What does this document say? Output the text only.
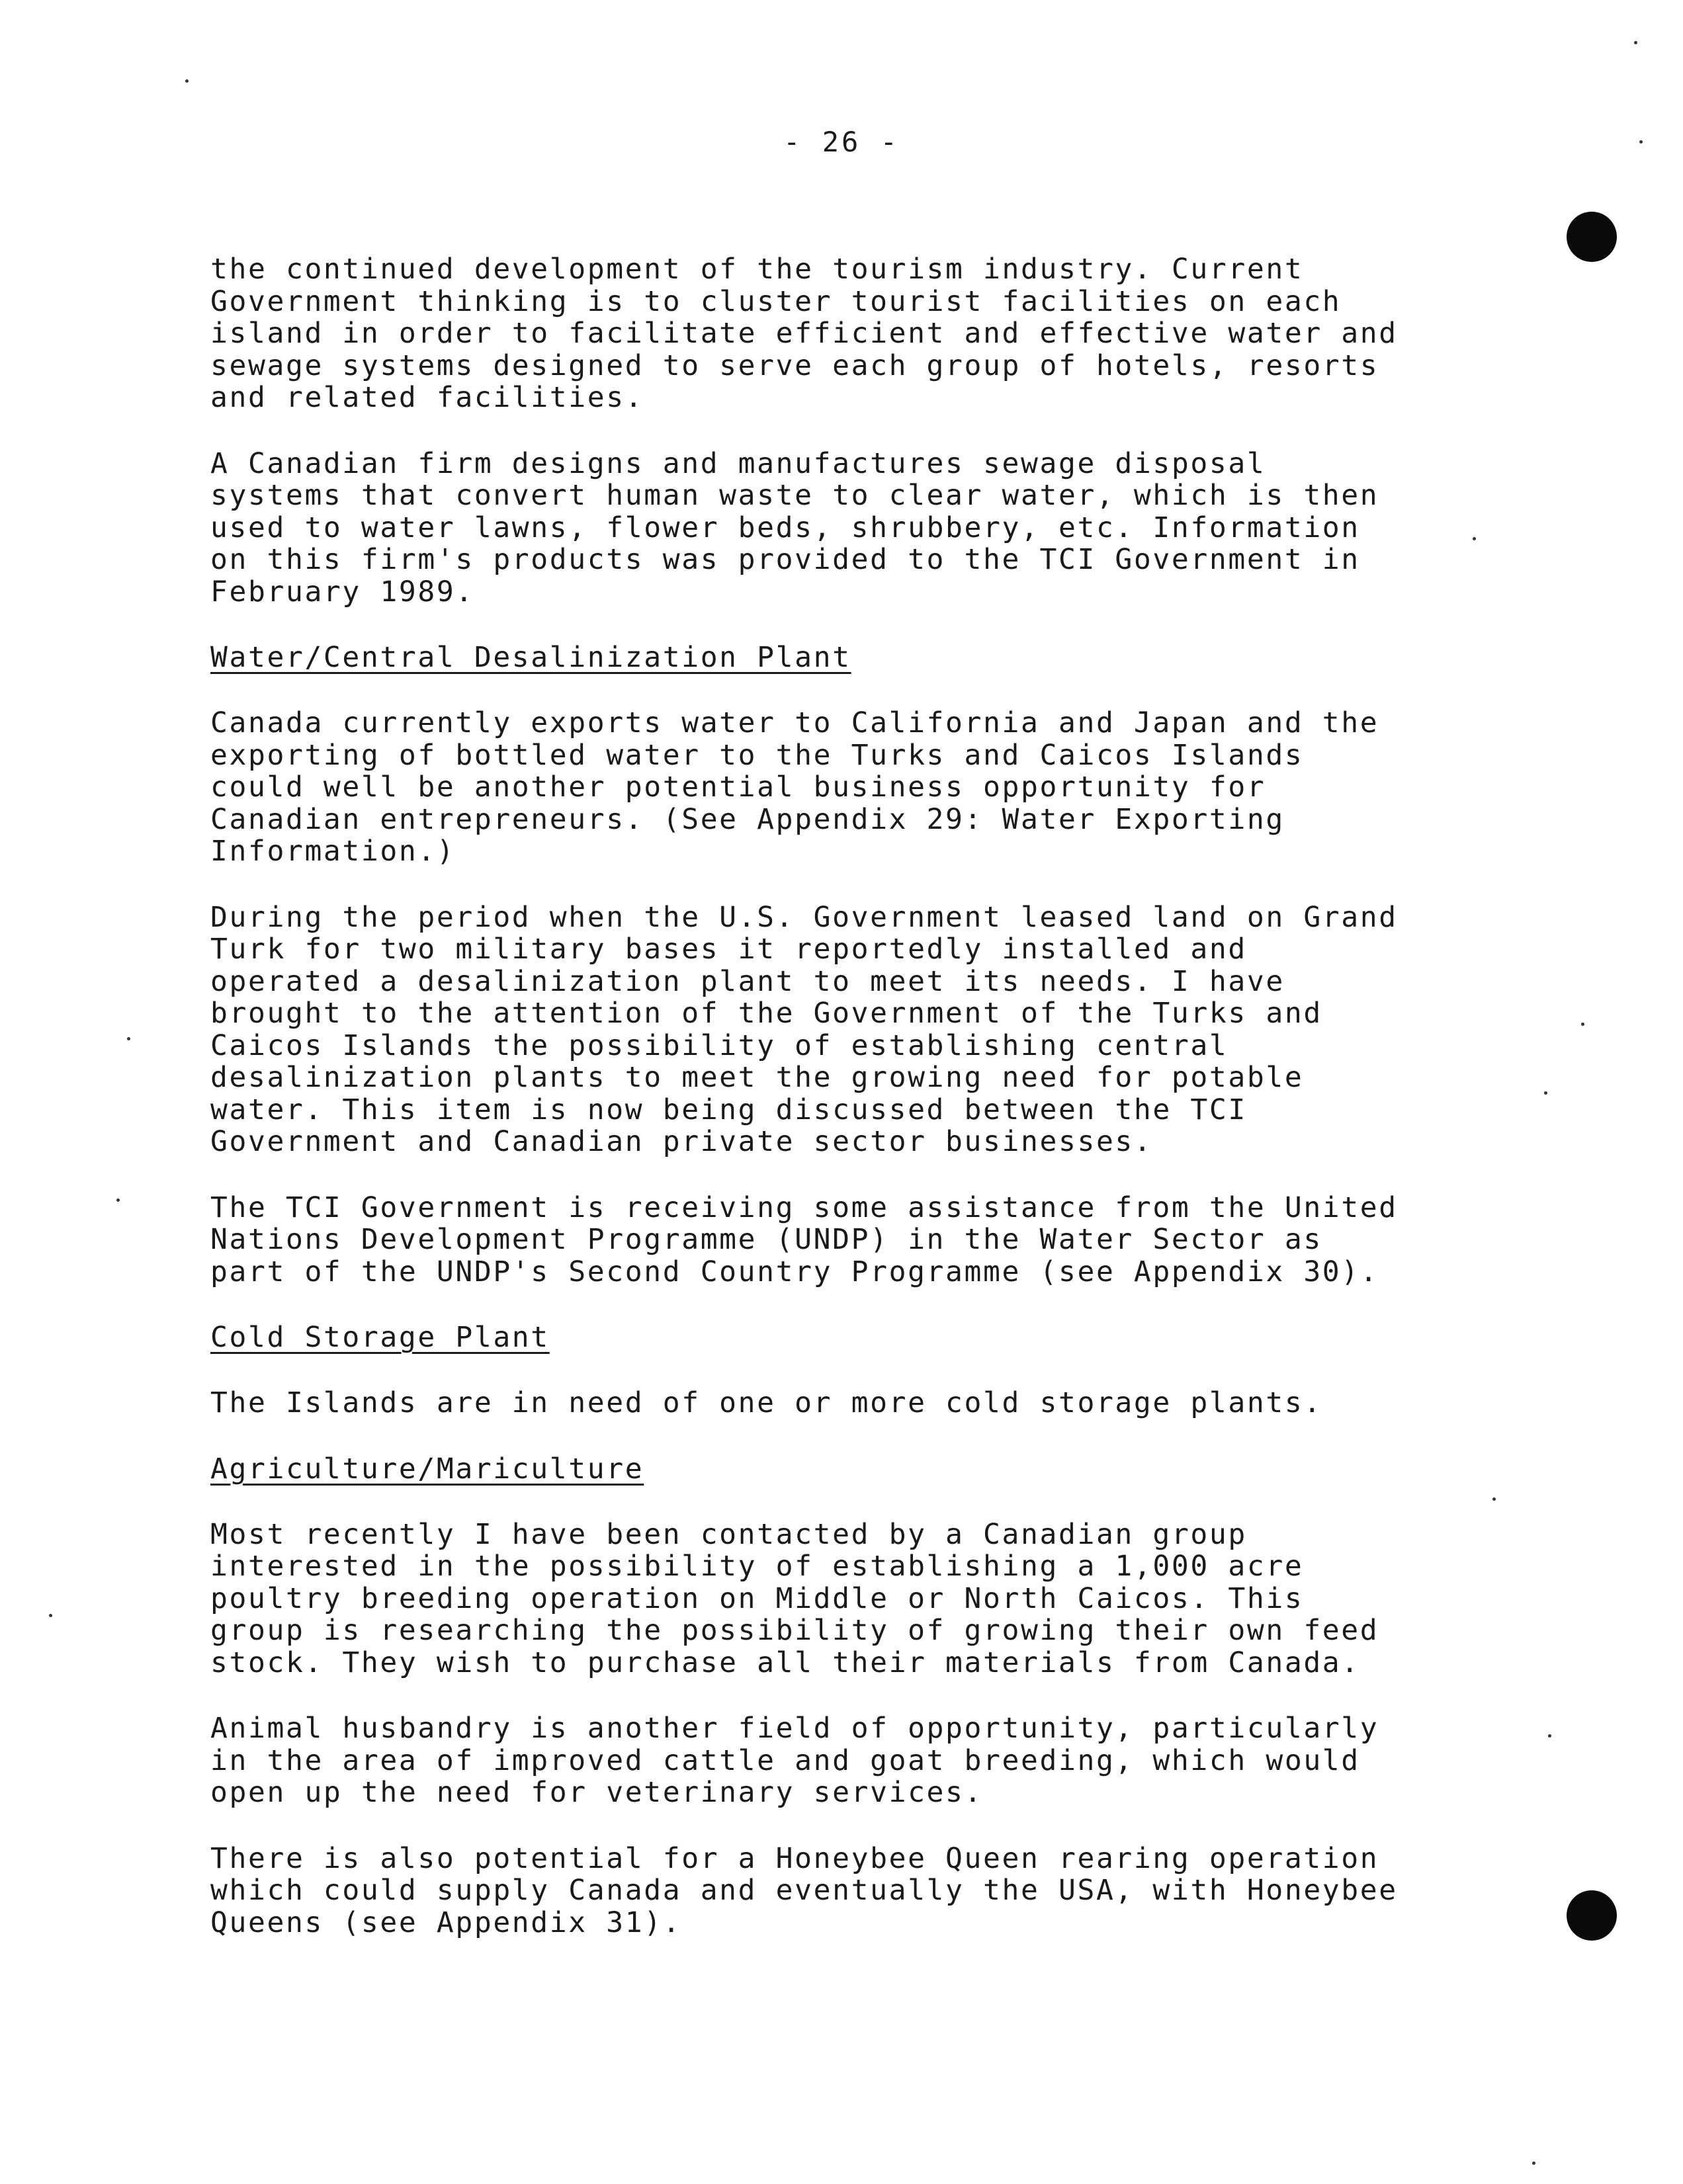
- 26 -

the continued development of the tourism industry. Current
Government thinking is to cluster tourist facilities on each
island in order to facilitate efficient and effective water and
sewage systems designed to serve each group of hotels, resorts
and related facilities.

A Canadian firm designs and manufactures sewage disposal
systems that convert human waste to clear water, which is then
used to water lawns, flower beds, shrubbery, etc. Information
on this firm's products was provided to the TCI Government in
February 1989.

Water/Central Desalinization Plant

Canada currently exports water to California and Japan and the
exporting of bottled water to the Turks and Caicos Islands
could well be another potential business opportunity for
Canadian entrepreneurs. (See Appendix 29: Water Exporting
Information.)

During the period when the U.S. Government leased land on Grand
Turk for two military bases it reportedly installed and
operated a desalinization plant to meet its needs. I have
brought to the attention of the Government of the Turks and
Caicos Islands the possibility of establishing central
desalinization plants to meet the growing need for potable
water. This item is now being discussed between the TCI
Government and Canadian private sector businesses.

The TCI Government is receiving some assistance from the United
Nations Development Programme (UNDP) in the Water Sector as
part of the UNDP's Second Country Programme (see Appendix 30).

Cold Storage Plant

The Islands are in need of one or more cold storage plants.

Agriculture/Mariculture

Most recently I have been contacted by a Canadian group
interested in the possibility of establishing a 1,000 acre
poultry breeding operation on Middle or North Caicos. This
group is researching the possibility of growing their own feed
stock. They wish to purchase all their materials from Canada.

Animal husbandry is another field of opportunity, particularly
in the area of improved cattle and goat breeding, which would
open up the need for veterinary services.

There is also potential for a Honeybee Queen rearing operation
which could supply Canada and eventually the USA, with Honeybee
Queens (see Appendix 31).
